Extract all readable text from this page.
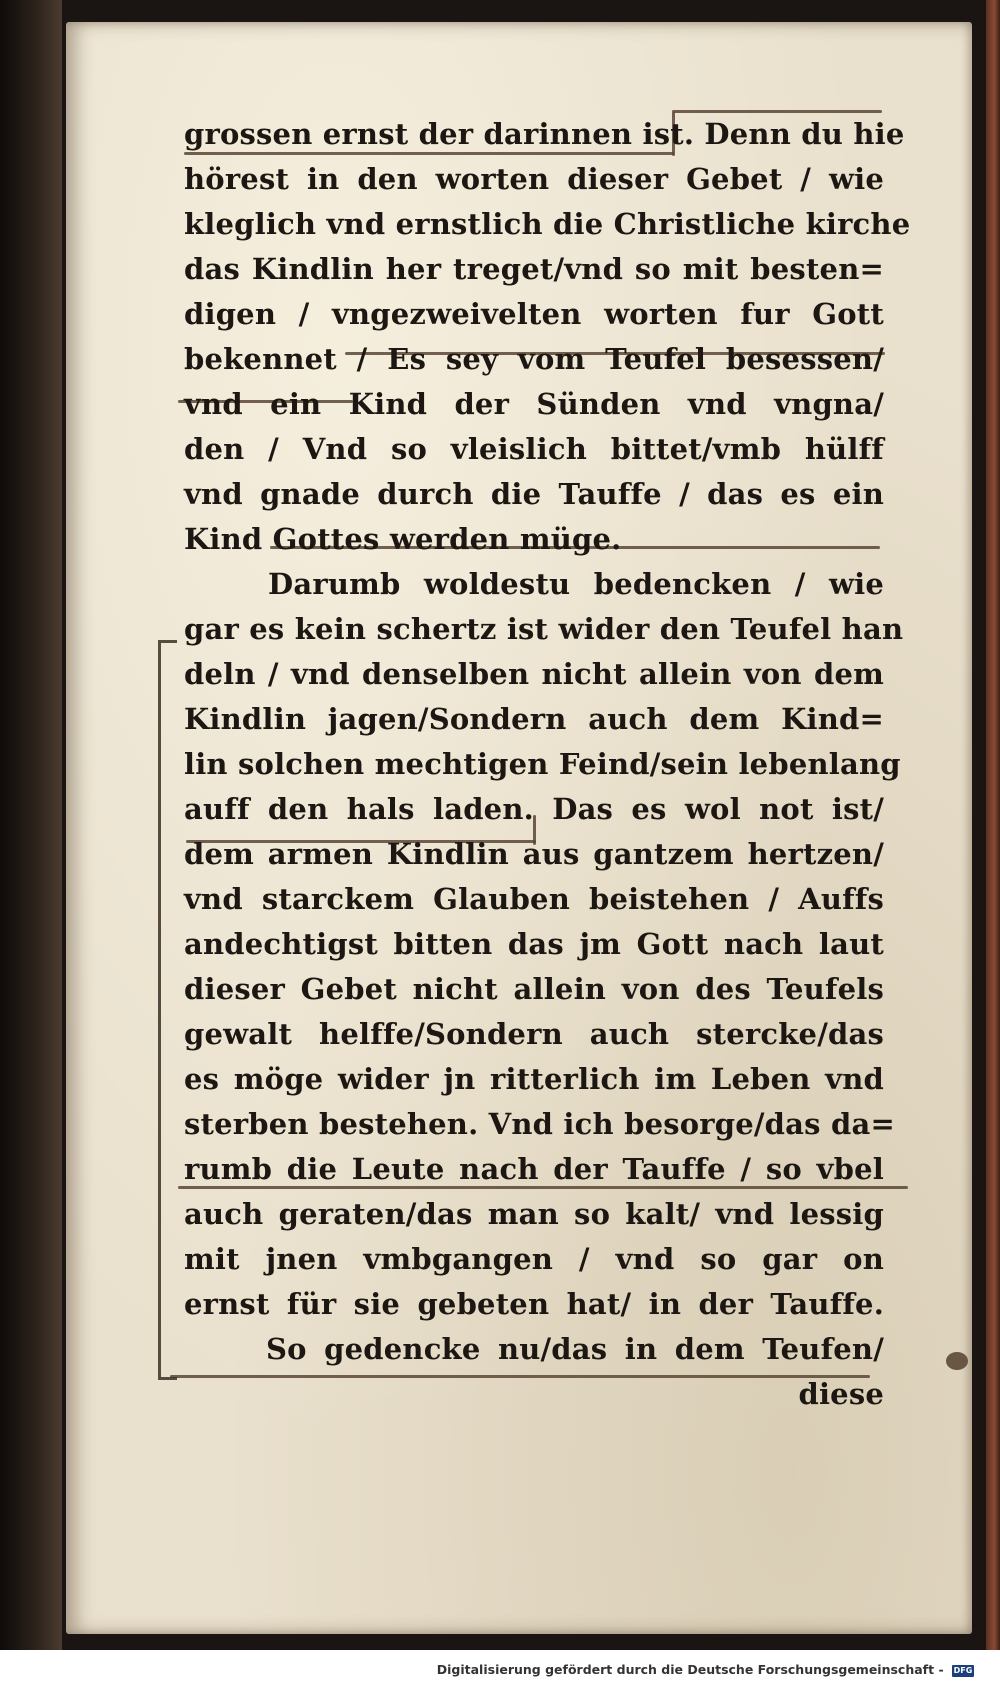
grossen ernst der darinnen ist. Denn du hie
hörest in den worten dieser Gebet / wie
kleglich vnd ernstlich die Christliche kirche
das Kindlin her treget/vnd so mit besten=
digen / vngezweivelten worten fur Gott
bekennet / Es sey vom Teufel besessen/
vnd ein Kind der Sünden vnd vngna/
den / Vnd so vleislich bittet/vmb hülff
vnd gnade durch die Tauffe / das es ein
Kind Gottes werden müge.
Darumb woldestu bedencken / wie
gar es kein schertz ist wider den Teufel han
deln / vnd denselben nicht allein von dem
Kindlin jagen/Sondern auch dem Kind=
lin solchen mechtigen Feind/sein lebenlang
auff den hals laden. Das es wol not ist/
dem armen Kindlin aus gantzem hertzen/
vnd starckem Glauben beistehen / Auffs
andechtigst bitten das jm Gott nach laut
dieser Gebet nicht allein von des Teufels
gewalt helffe/Sondern auch stercke/das
es möge wider jn ritterlich im Leben vnd
sterben bestehen. Vnd ich besorge/das da=
rumb die Leute nach der Tauffe / so vbel
auch geraten/das man so kalt/ vnd lessig
mit jnen vmbgangen / vnd so gar on
ernst für sie gebeten hat/ in der Tauffe.
So gedencke nu/das in dem Teufen/
diese
Digitalisierung gefördert durch die Deutsche Forschungsgemeinschaft - DFG
